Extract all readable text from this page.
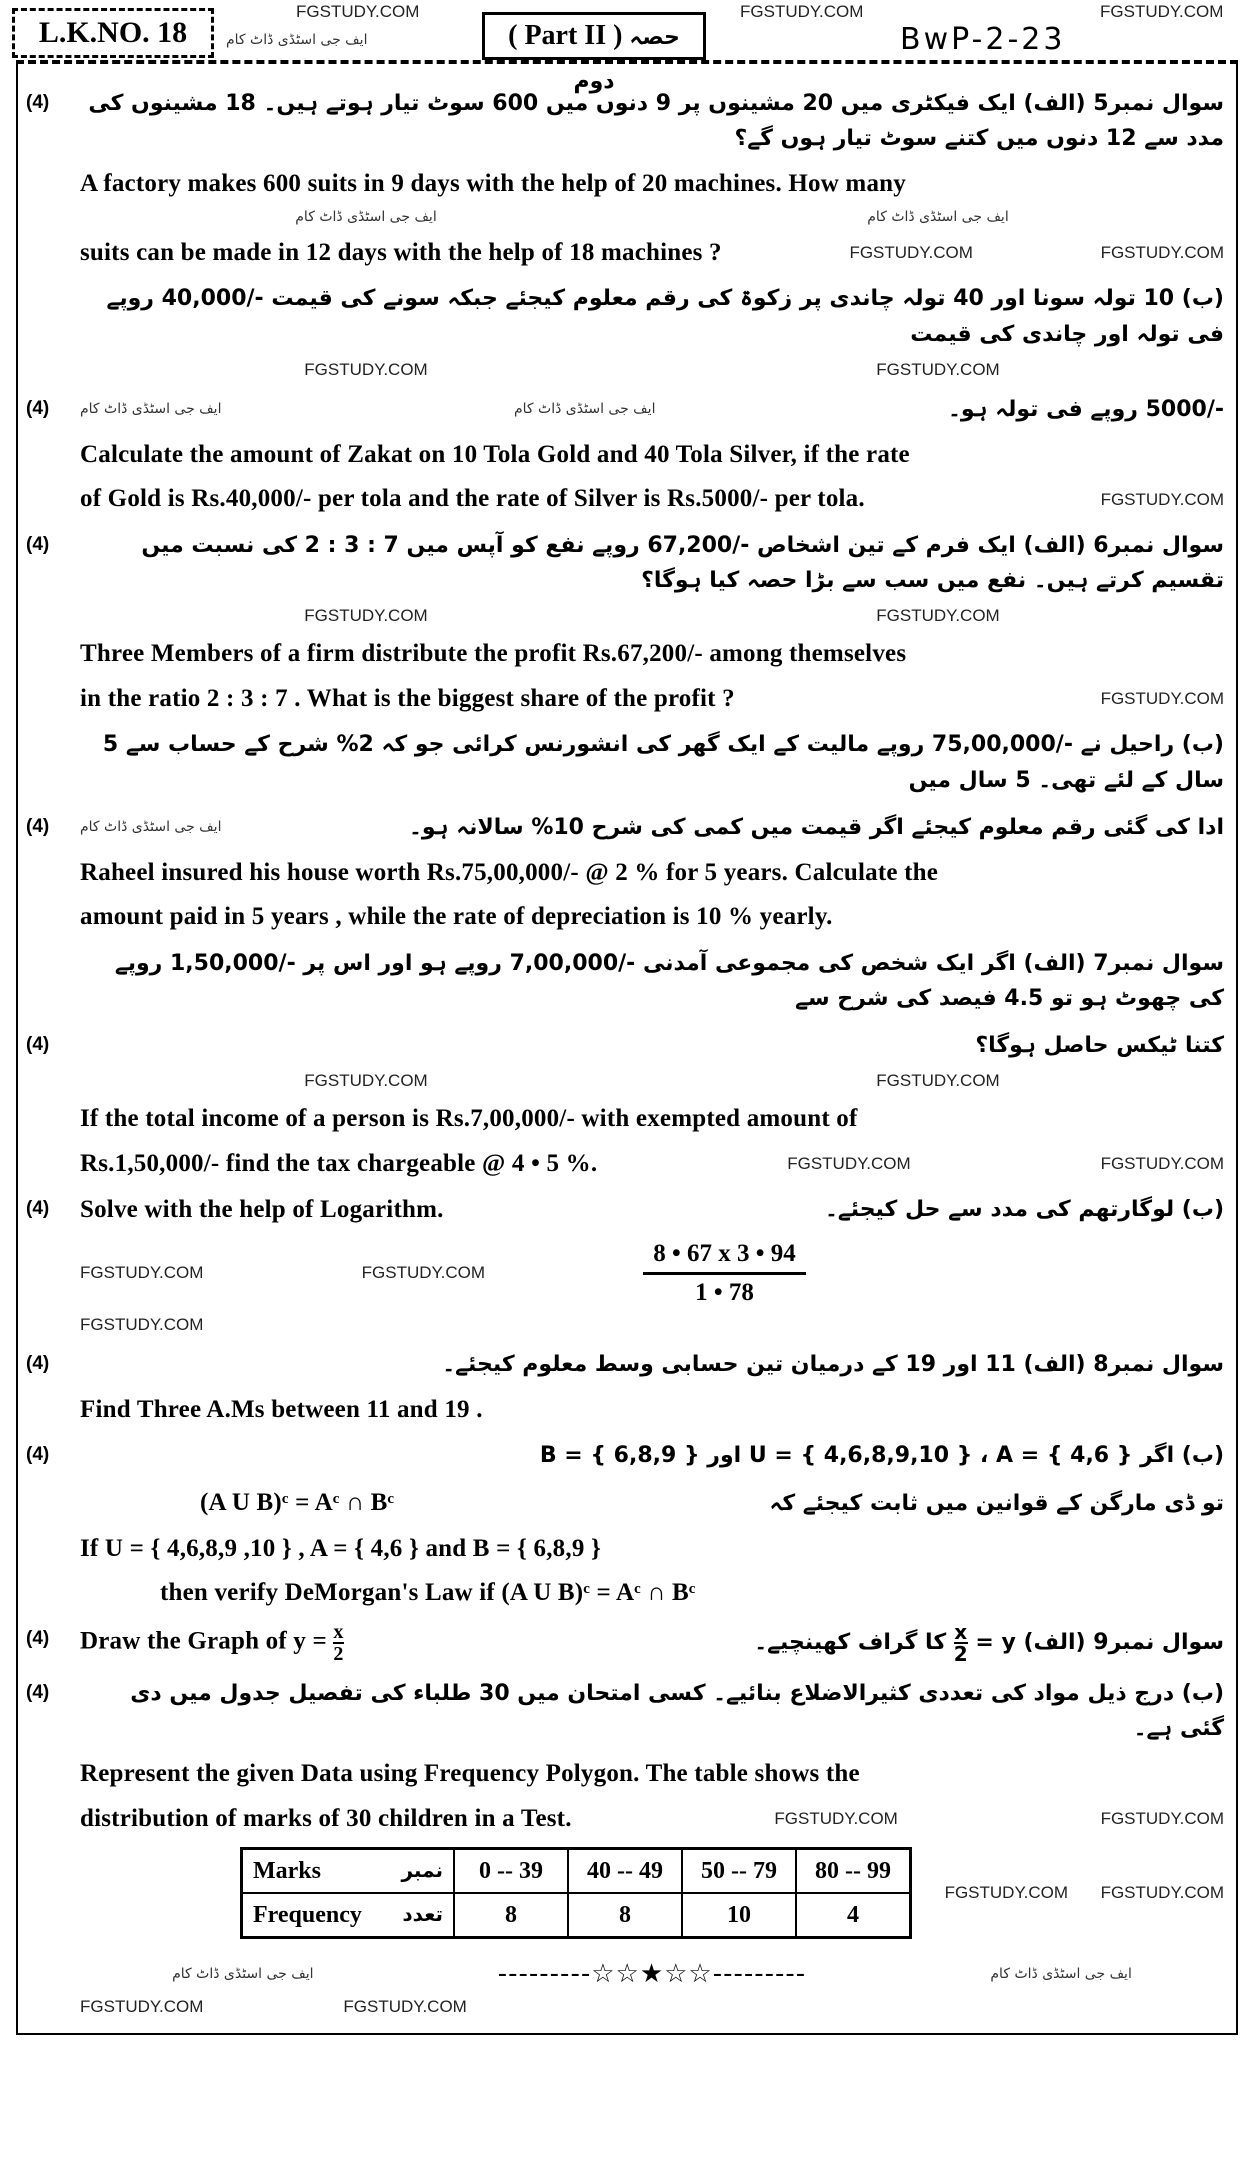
L.K.NO. 18	( Part II ) حصہ دوم
BwP-2-23
FGSTUDY.COM	FGSTUDY.COM	FGSTUDY.COM
ایف جی اسٹڈی ڈاٹ کام
(4)	سوال نمبر5 (الف) ایک فیکٹری میں 20 مشینوں پر 9 دنوں میں 600 سوٹ تیار ہوتے ہیں۔ 18 مشینوں کی مدد سے 12 دنوں میں کتنے سوٹ تیار ہوں گے؟
A factory makes 600 suits in 9 days with the help of 20 machines. How many
ایف جی اسٹڈی ڈاٹ کام	ایف جی اسٹڈی ڈاٹ کام
suits can be made in 12 days with the help of 18 machines ?	FGSTUDY.COM	FGSTUDY.COM
(ب) 10 تولہ سونا اور 40 تولہ چاندی پر زکوۃ کی رقم معلوم کیجئے جبکہ سونے کی قیمت -/40,000 روپے فی تولہ اور چاندی کی قیمت
FGSTUDY.COM	FGSTUDY.COM
(4)	ایف جی اسٹڈی ڈاٹ کام	ایف جی اسٹڈی ڈاٹ کام	-/5000 روپے فی تولہ ہو۔
Calculate the amount of Zakat on 10 Tola Gold and 40 Tola Silver, if the rate
of Gold is Rs.40,000/- per tola and the rate of Silver is Rs.5000/- per tola.	FGSTUDY.COM
(4)	سوال نمبر6 (الف) ایک فرم کے تین اشخاص -/67,200 روپے نفع کو آپس میں 7 : 3 : 2 کی نسبت میں تقسیم کرتے ہیں۔ نفع میں سب سے بڑا حصہ کیا ہوگا؟
FGSTUDY.COM	FGSTUDY.COM
Three Members of a firm distribute the profit Rs.67,200/- among themselves
in the ratio 2 : 3 : 7 . What is the biggest share of the profit ?	FGSTUDY.COM
(ب) راحیل نے -/75,00,000 روپے مالیت کے ایک گھر کی انشورنس کرائی جو کہ 2% شرح کے حساب سے 5 سال کے لئے تھی۔ 5 سال میں
(4)	ایف جی اسٹڈی ڈاٹ کام	ادا کی گئی رقم معلوم کیجئے اگر قیمت میں کمی کی شرح 10% سالانہ ہو۔
Raheel insured his house worth Rs.75,00,000/- @ 2 % for 5 years. Calculate the
amount paid in 5 years , while the rate of depreciation is 10 % yearly.
سوال نمبر7 (الف) اگر ایک شخص کی مجموعی آمدنی -/7,00,000 روپے ہو اور اس پر -/1,50,000 روپے کی چھوٹ ہو تو 4.5 فیصد کی شرح سے
(4)	کتنا ٹیکس حاصل ہوگا؟
FGSTUDY.COM	FGSTUDY.COM
If the total income of a person is Rs.7,00,000/- with exempted amount of
Rs.1,50,000/- find the tax chargeable @ 4 • 5 %.	FGSTUDY.COM	FGSTUDY.COM
(4)	Solve with the help of Logarithm.	(ب) لوگارتھم کی مدد سے حل کیجئے۔
FGSTUDY.COM	FGSTUDY.COM	$\frac{8 • 67 x 3 • 94}{1 • 78}$
FGSTUDY.COM
(4)	سوال نمبر8 (الف) 11 اور 19 کے درمیان تین حسابی وسط معلوم کیجئے۔
Find Three A.Ms between 11 and 19 .
(4)	(ب) اگر U = { 4,6,8,9,10 } ، A = { 4,6 } اور B = { 6,8,9 }
(A U B)ᶜ = Aᶜ ∩ Bᶜ	تو ڈی مارگن کے قوانین میں ثابت کیجئے کہ
If U = { 4,6,8,9 ,10 } , A = { 4,6 } and B = { 6,8,9 }
then verify DeMorgan's Law if (A U B)ᶜ = Aᶜ ∩ Bᶜ
(4)	Draw the Graph of $y = \frac{x}{2}$	سوال نمبر9 (الف) y =
$\frac{x}{2}$
کا گراف کھینچیے۔
(4)	(ب) درج ذیل مواد کی تعددی کثیرالاضلاع بنائیے۔ کسی امتحان میں 30 طلباء کی تفصیل جدول میں دی گئی ہے۔
Represent the given Data using Frequency Polygon. The table shows the
distribution of marks of 30 children in a Test.	FGSTUDY.COM	FGSTUDY.COM
Marks نمبر	0 -- 39	40 -- 49	50 -- 79	80 -- 99
Frequency تعدد	8	8	10	4
FGSTUDY.COM FGSTUDY.COM
ایف جی اسٹڈی ڈاٹ کام	---------☆☆★☆☆---------	ایف جی اسٹڈی ڈاٹ کام
FGSTUDY.COM	FGSTUDY.COM
